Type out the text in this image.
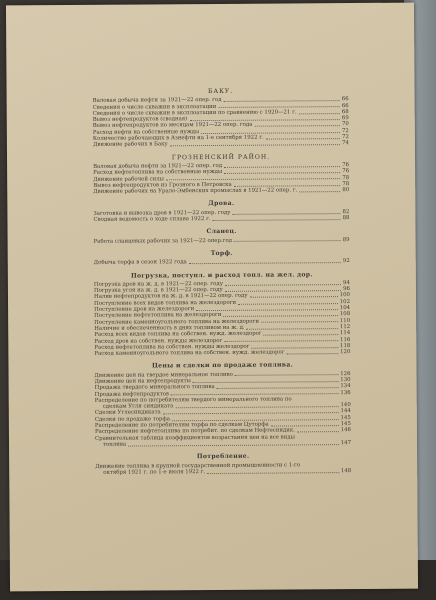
БАКУ.
Валовая добыча нефти за 1921—22 опер. год	66
Сведения о числе скважин в эксплоатации	66
Сведения о числе скважин в эксплоатации по сравнению с 1920—21 г.	68
Вывоз нефтепродуктов (сводная)	69
Вывоз нефтепродуктов по месяцам 1921—22 опер. года	70
Расход нефти на собственные нужды	72
Количество рабочающих в Азнефти на 1-е сентября 1922 г.	72
Движение рабочих в Баку	74
ГРОЗНЕНСКИЙ РАЙОН.
Валовая добыча нефти за 1921—22 опер. год	76
Расход нефтетоплива на собственные нужды	76
Движение рабочей силы	78
Вывоз нефтепродуктов из Грозного в Петровска	78
Движение рабочих на Урало-Эмбенских промыслах в 1921—22 опер. г.	80
Дрова.
Заготовка и вывозка дров в 1921—22 опер. году	82
Сводная ведомость о ходе сплава 1922 г.	88
Сланец.
Работа сланцевых рабочих за 1921—22 опер.год	89
Торф.
Добыча торфа в сезон 1922 года	92
Погрузка, поступл. и расход топл. на жел. дор.
Погрузка дров на ж. д. в 1921—22 опер. году	94
Погрузка угля на ж. д. в 1921—22 опер. году	96
Налив нефтепродуктов на ж. д. в 1921—22 опер. году	100
Поступление всех видов топлива на желездороги	102
Поступление дров на желездороги	104
Поступление нефтетоплива на желездороги	108
Поступление каменноугольного топлива на желездороги	110
Наличие и обеспеченность в днях топливом на ж. д.	112
Расход всех видов топлива на собствен. нужд. желездорог	114
Расход дров на собствен. нужды желездорог	116
Расход нефтетоплива на собствен. нужды желездорог	118
Расход каменноугольного топлива на собствен. нужд. желездорог	120
Цены и сделки по продаже топлива.
Движение цен на твердое минеральное топливо	126
Движение цен на нефтепродукты	130
Продажа твердого минерального топлива	134
Продажа нефтепродуктов	136
Распределение по потребителям твердого минерального топлива по
сделкам Угля синдиката	140
Сделки Углесиндиката	144
Сделки по продаже торфа	145
Распределение по потребителям торфа по сделкам Цуторфа	145
Распределение нефтетоплива по потребит. по сделкам Нефтесиндик.	146
Сравнительная таблица коэффициентов возрастания цен на все виды
топлива	147
Потребление.
Движение топлива в крупной государственной промышленности с 1-го
октября 1921 г. по 1-е июля 1922 г.	148
